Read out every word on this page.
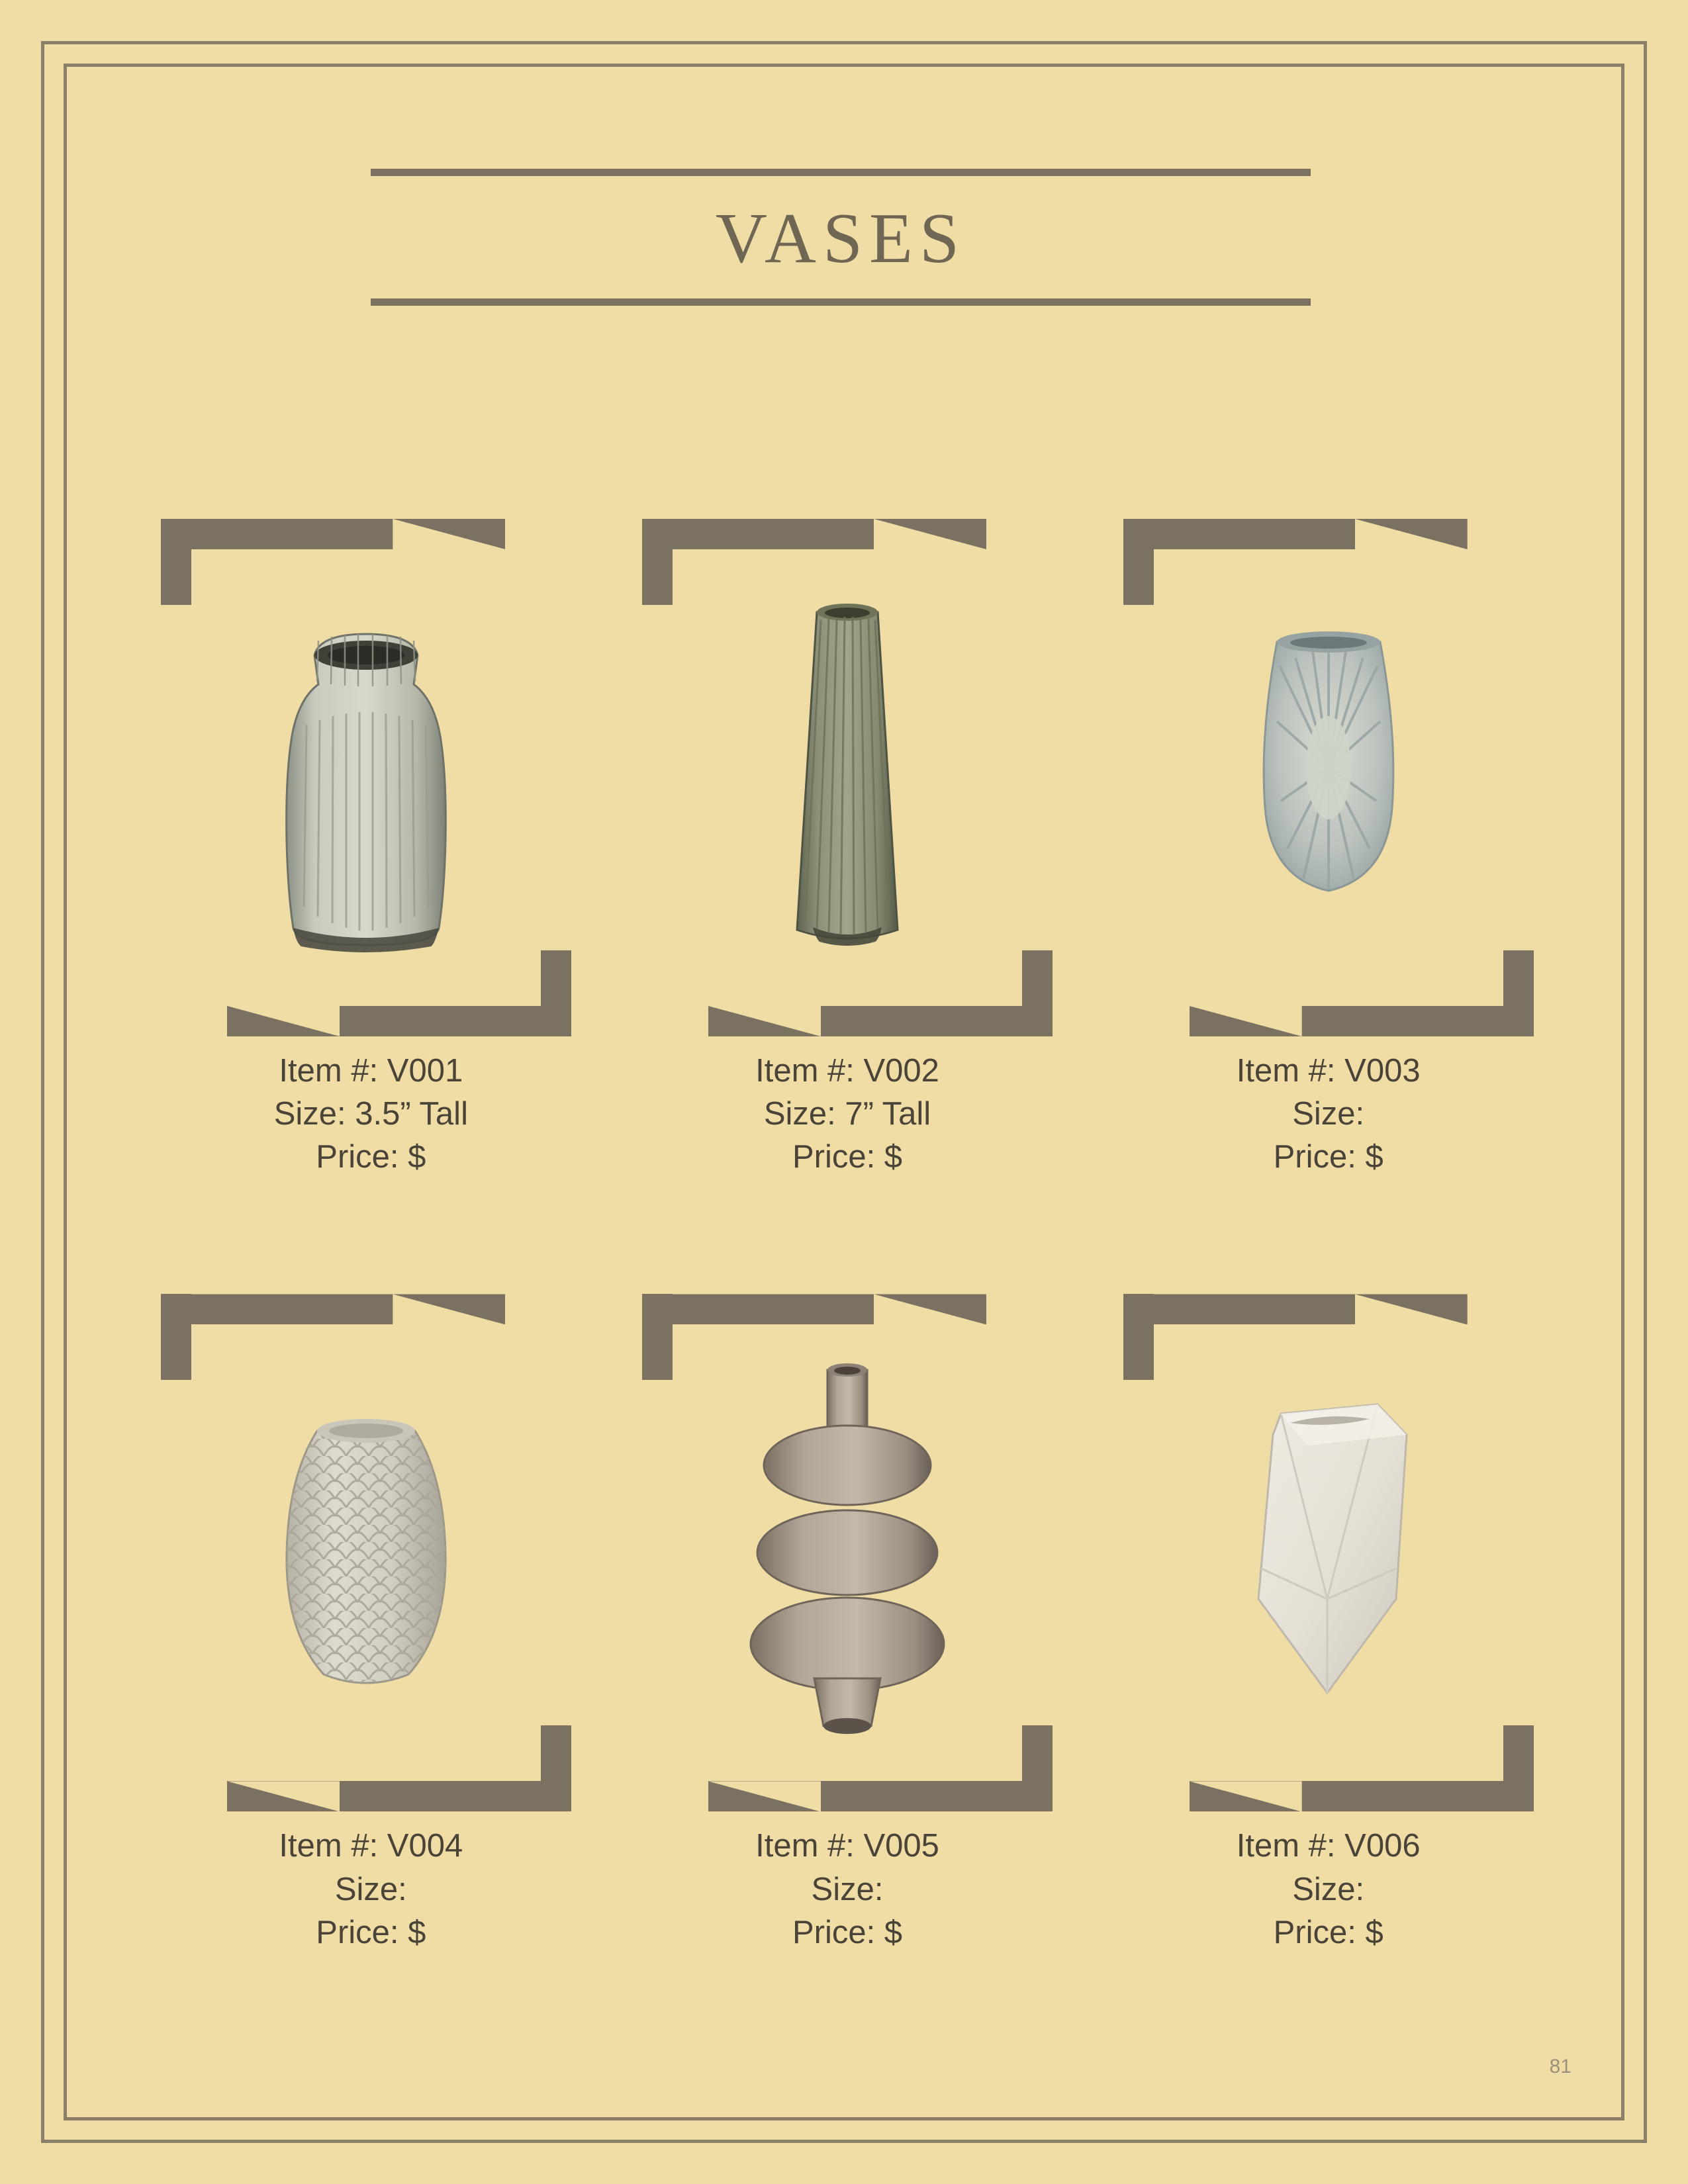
VASES
Item #: V001
Size: 3.5” Tall
Price: $
Item #: V002
Size: 7” Tall
Price: $
Item #: V003
Size:
Price: $
Item #: V004
Size:
Price: $
Item #: V005
Size:
Price: $
Item #: V006
Size:
Price: $
81
